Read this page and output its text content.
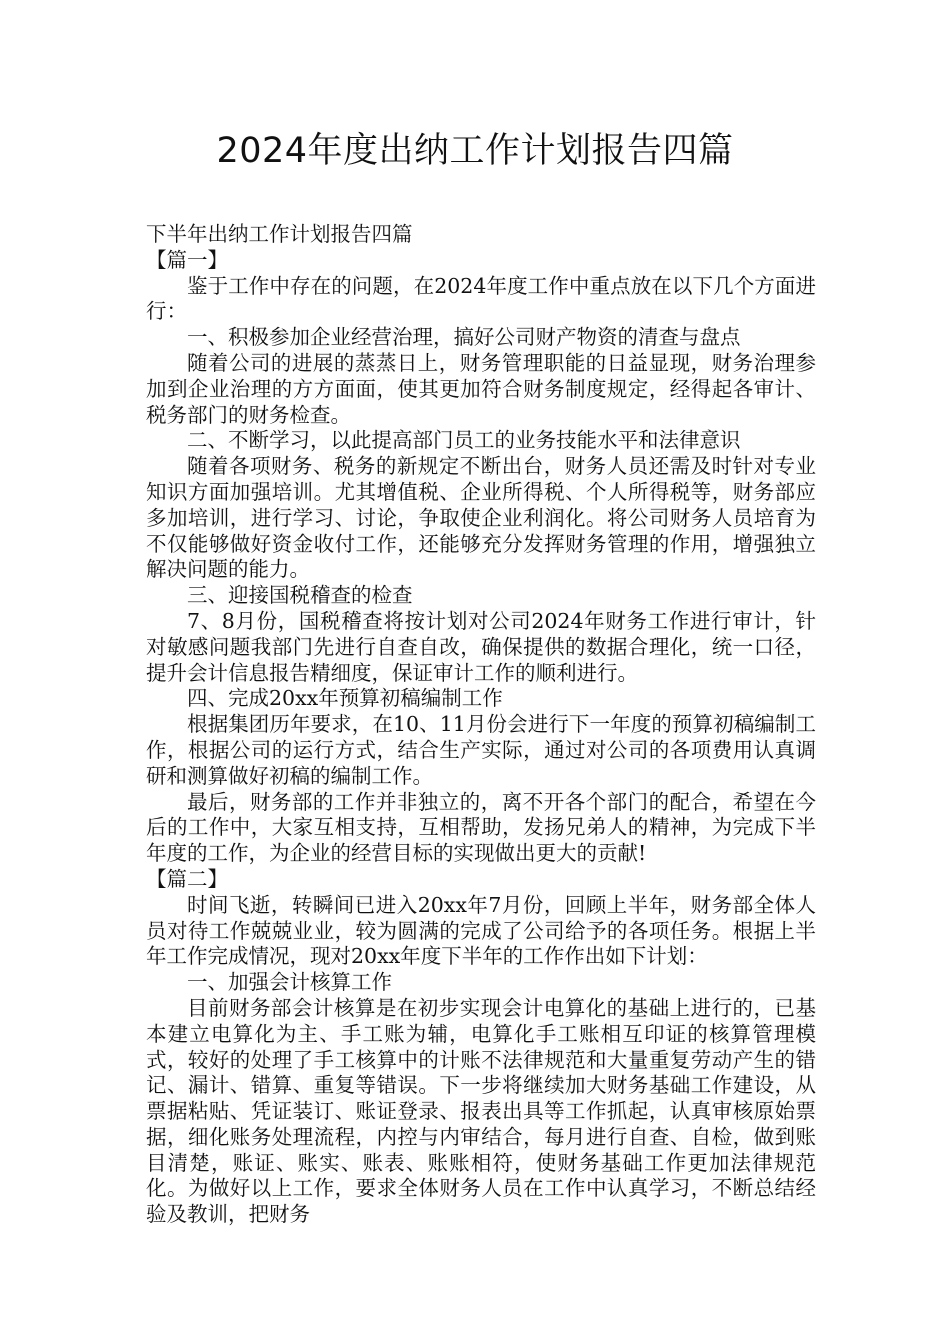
2024年度出纳工作计划报告四篇

下半年出纳工作计划报告四篇

【篇一】

鉴于工作中存在的问题，在2024年度工作中重点放在以下几个方面进行：

一、积极参加企业经营治理，搞好公司财产物资的清查与盘点

随着公司的进展的蒸蒸日上，财务管理职能的日益显现，财务治理参加到企业治理的方方面面，使其更加符合财务制度规定，经得起各审计、税务部门的财务检查。

二、不断学习，以此提高部门员工的业务技能水平和法律意识

随着各项财务、税务的新规定不断出台，财务人员还需及时针对专业知识方面加强培训。尤其增值税、企业所得税、个人所得税等，财务部应多加培训，进行学习、讨论，争取使企业利润化。将公司财务人员培育为不仅能够做好资金收付工作，还能够充分发挥财务管理的作用，增强独立解决问题的能力。

三、迎接国税稽查的检查

7、8月份，国税稽查将按计划对公司2024年财务工作进行审计，针对敏感问题我部门先进行自查自改，确保提供的数据合理化，统一口径，提升会计信息报告精细度，保证审计工作的顺利进行。

四、完成20xx年预算初稿编制工作

根据集团历年要求，在10、11月份会进行下一年度的预算初稿编制工作，根据公司的运行方式，结合生产实际，通过对公司的各项费用认真调研和测算做好初稿的编制工作。

最后，财务部的工作并非独立的，离不开各个部门的配合，希望在今后的工作中，大家互相支持，互相帮助，发扬兄弟人的精神，为完成下半年度的工作，为企业的经营目标的实现做出更大的贡献!

【篇二】

时间飞逝，转瞬间已进入20xx年7月份，回顾上半年，财务部全体人员对待工作兢兢业业，较为圆满的完成了公司给予的各项任务。根据上半年工作完成情况，现对20xx年度下半年的工作作出如下计划：

一、加强会计核算工作

目前财务部会计核算是在初步实现会计电算化的基础上进行的，已基本建立电算化为主、手工账为辅，电算化手工账相互印证的核算管理模式，较好的处理了手工核算中的计账不法律规范和大量重复劳动产生的错记、漏计、错算、重复等错误。下一步将继续加大财务基础工作建设，从票据粘贴、凭证装订、账证登录、报表出具等工作抓起，认真审核原始票据，细化账务处理流程，内控与内审结合，每月进行自查、自检，做到账目清楚，账证、账实、账表、账账相符，使财务基础工作更加法律规范化。为做好以上工作，要求全体财务人员在工作中认真学习，不断总结经验及教训，把财务
